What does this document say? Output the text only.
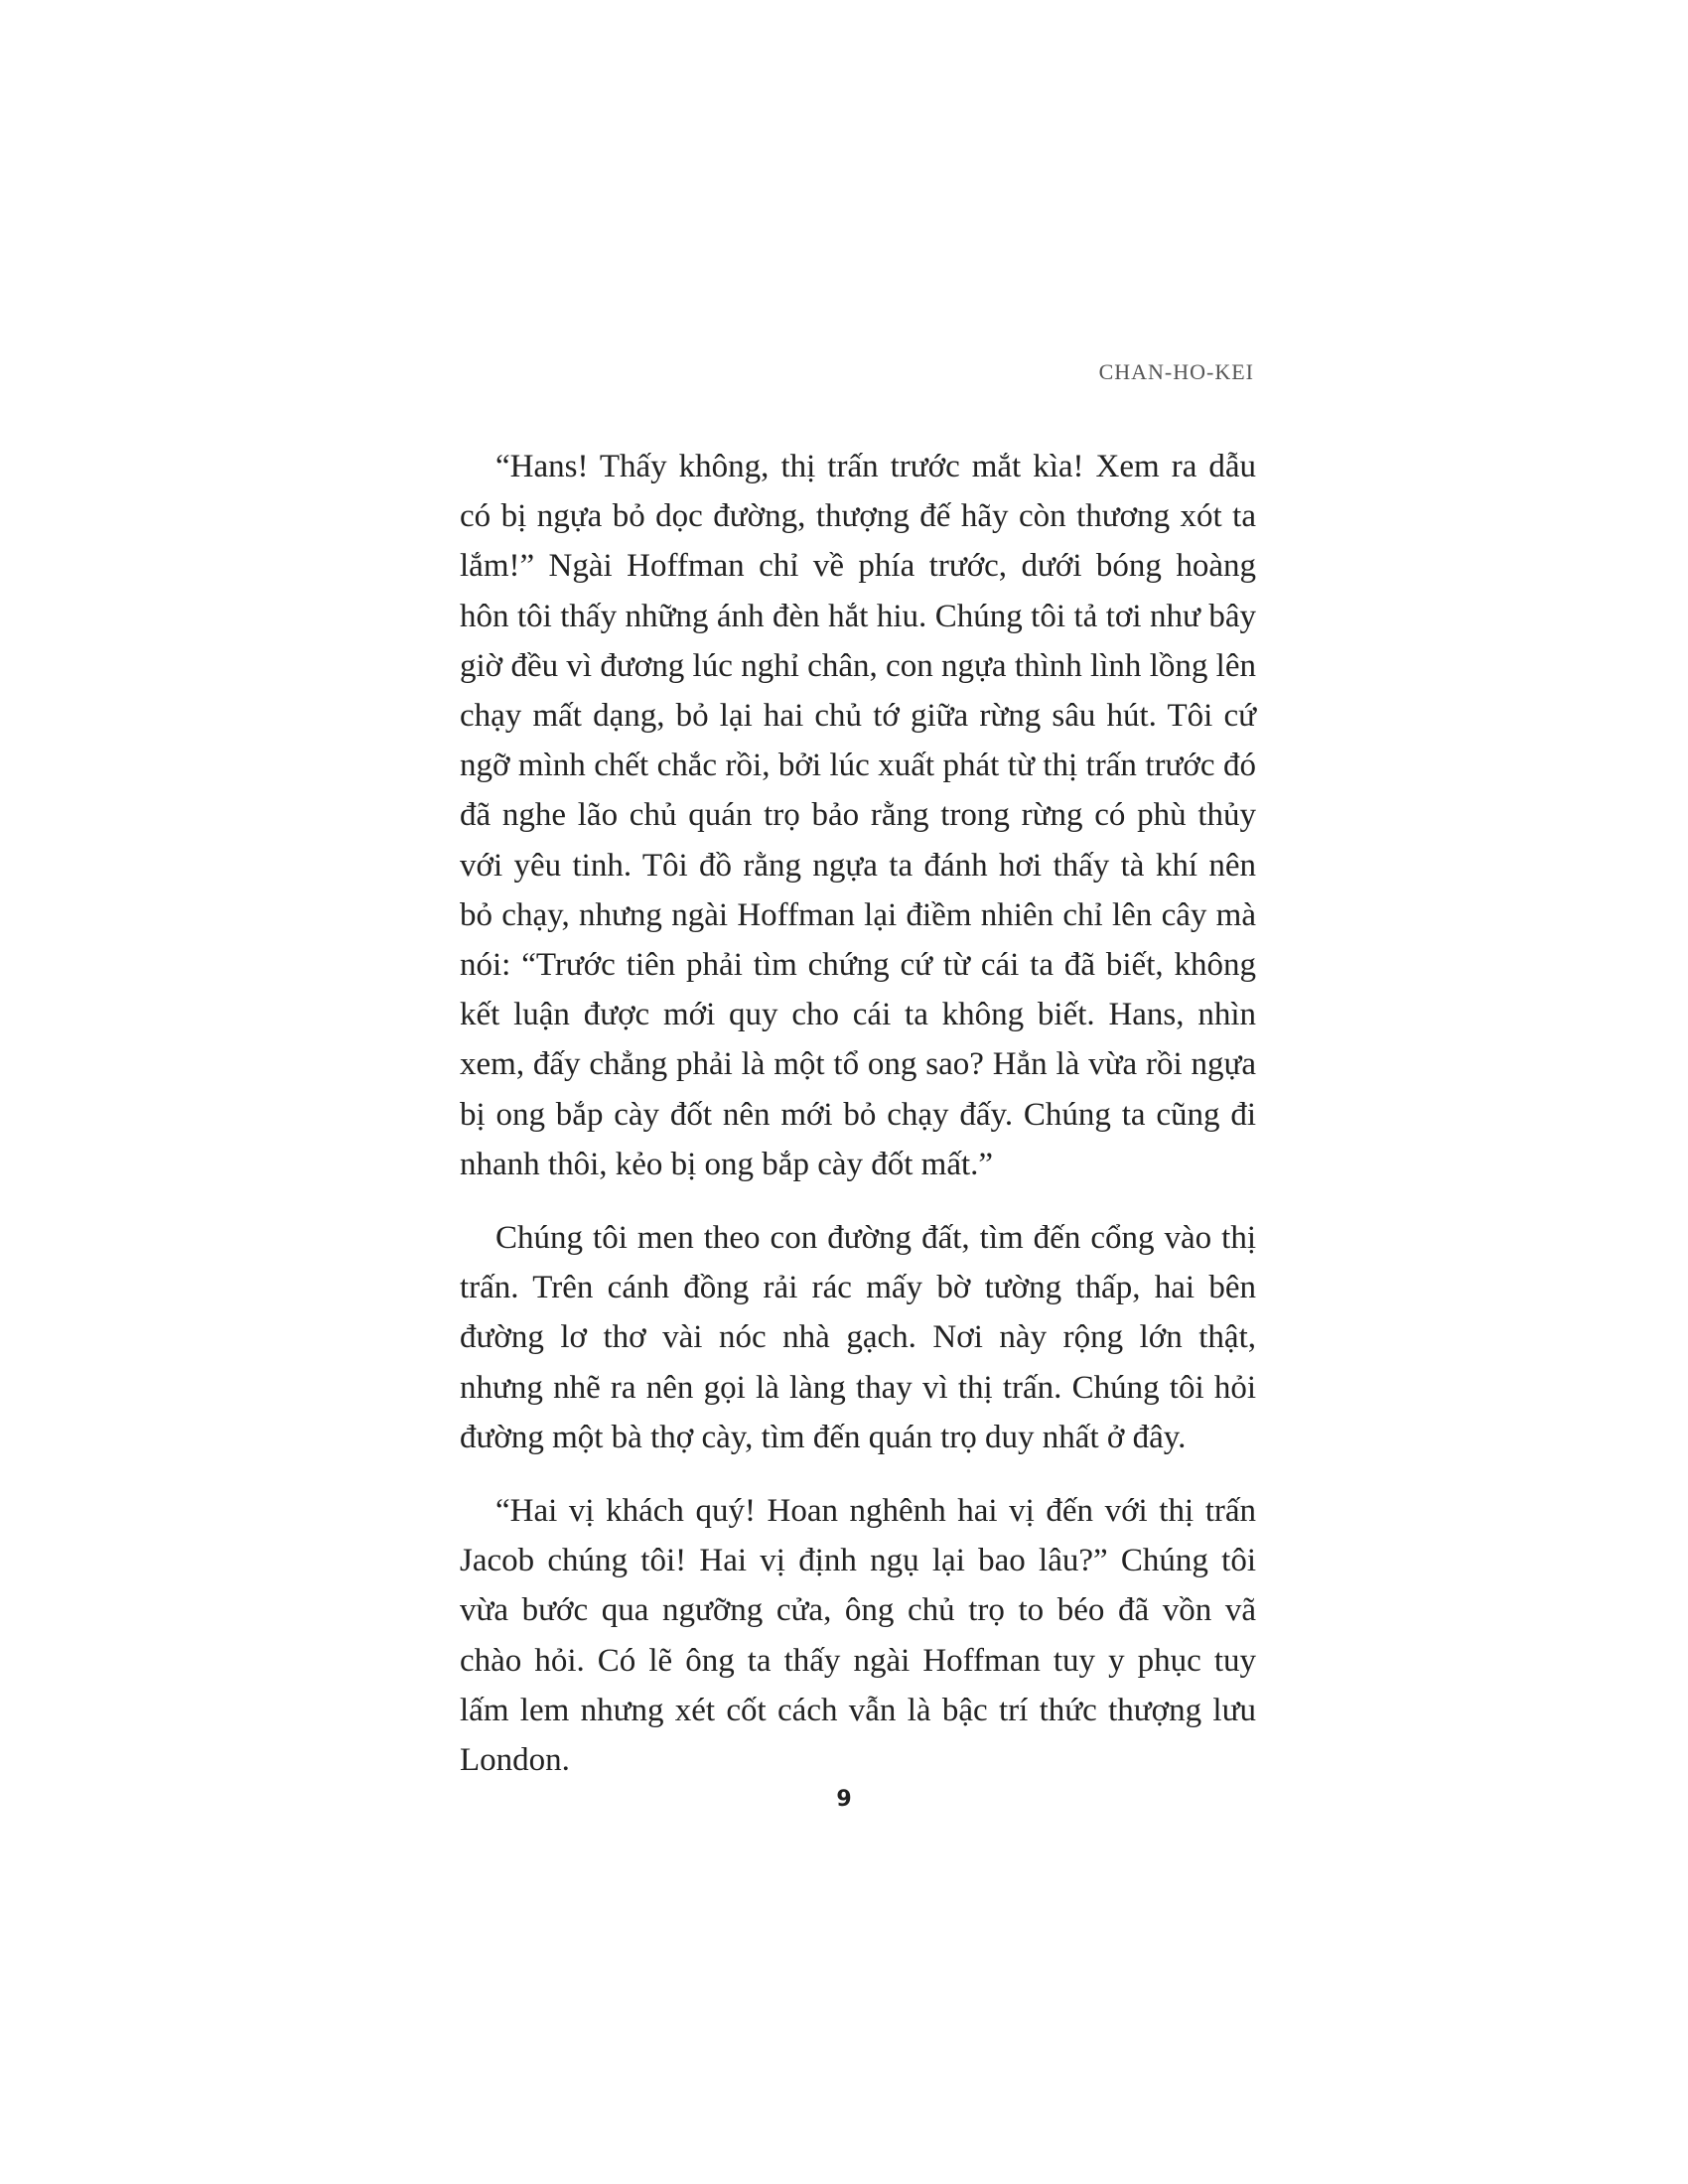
CHAN-HO-KEI

“Hans! Thấy không, thị trấn trước mắt kìa! Xem ra dẫu có bị ngựa bỏ dọc đường, thượng đế hãy còn thương xót ta lắm!” Ngài Hoffman chỉ về phía trước, dưới bóng hoàng hôn tôi thấy những ánh đèn hắt hiu. Chúng tôi tả tơi như bây giờ đều vì đương lúc nghỉ chân, con ngựa thình lình lồng lên chạy mất dạng, bỏ lại hai chủ tớ giữa rừng sâu hút. Tôi cứ ngỡ mình chết chắc rồi, bởi lúc xuất phát từ thị trấn trước đó đã nghe lão chủ quán trọ bảo rằng trong rừng có phù thủy với yêu tinh. Tôi đồ rằng ngựa ta đánh hơi thấy tà khí nên bỏ chạy, nhưng ngài Hoffman lại điềm nhiên chỉ lên cây mà nói: “Trước tiên phải tìm chứng cứ từ cái ta đã biết, không kết luận được mới quy cho cái ta không biết. Hans, nhìn xem, đấy chẳng phải là một tổ ong sao? Hẳn là vừa rồi ngựa bị ong bắp cày đốt nên mới bỏ chạy đấy. Chúng ta cũng đi nhanh thôi, kẻo bị ong bắp cày đốt mất.”

Chúng tôi men theo con đường đất, tìm đến cổng vào thị trấn. Trên cánh đồng rải rác mấy bờ tường thấp, hai bên đường lơ thơ vài nóc nhà gạch. Nơi này rộng lớn thật, nhưng nhẽ ra nên gọi là làng thay vì thị trấn. Chúng tôi hỏi đường một bà thợ cày, tìm đến quán trọ duy nhất ở đây.

“Hai vị khách quý! Hoan nghênh hai vị đến với thị trấn Jacob chúng tôi! Hai vị định ngụ lại bao lâu?” Chúng tôi vừa bước qua ngưỡng cửa, ông chủ trọ to béo đã vồn vã chào hỏi. Có lẽ ông ta thấy ngài Hoffman tuy y phục tuy lấm lem nhưng xét cốt cách vẫn là bậc trí thức thượng lưu London.

9
